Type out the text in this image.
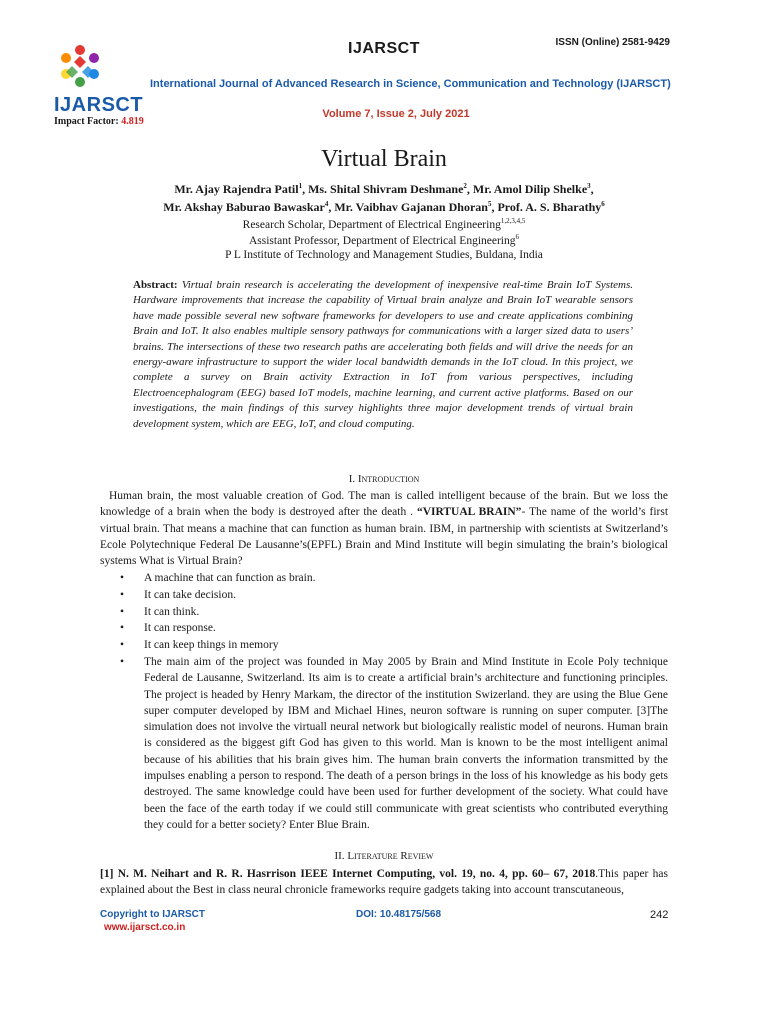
IJARSCT
Impact Factor: 4.819
IJARSCT	ISSN (Online) 2581-9429
International Journal of Advanced Research in Science, Communication and Technology (IJARSCT)
Volume 7, Issue 2, July 2021
Virtual Brain
Mr. Ajay Rajendra Patil$^1$, Ms. Shital Shivram Deshmane$^2$, Mr. Amol Dilip Shelke$^3$,
Mr. Akshay Baburao Bawaskar$^4$, Mr. Vaibhav Gajanan Dhoran$^5$, Prof. A. S. Bharathy$^6$
Research Scholar, Department of Electrical Engineering$^{1,2,3,4,5}$
Assistant Professor, Department of Electrical Engineering$^6$
P L Institute of Technology and Management Studies, Buldana, India
Abstract: Virtual brain research is accelerating the development of inexpensive real-time Brain IoT Systems. Hardware improvements that increase the capability of Virtual brain analyze and Brain IoT wearable sensors have made possible several new software frameworks for developers to use and create applications combining Brain and IoT. It also enables multiple sensory pathways for communications with a larger sized data to users’ brains. The intersections of these two research paths are accelerating both fields and will drive the needs for an energy-aware infrastructure to support the wider local bandwidth demands in the IoT cloud. In this project, we complete a survey on Brain activity Extraction in IoT from various perspectives, including Electroencephalogram (EEG) based IoT models, machine learning, and current active platforms. Based on our investigations, the main findings of this survey highlights three major development trends of virtual brain development system, which are EEG, IoT, and cloud computing.
I. Introduction
Human brain, the most valuable creation of God. The man is called intelligent because of the brain. But we loss the knowledge of a brain when the body is destroyed after the death . “VIRTUAL BRAIN”- The name of the world’s first virtual brain. That means a machine that can function as human brain. IBM, in partnership with scientists at Switzerland’s Ecole Polytechnique Federal De Lausanne’s(EPFL) Brain and Mind Institute will begin simulating the brain’s biological systems What is Virtual Brain?
• A machine that can function as brain.
• It can take decision.
• It can think.
• It can response.
• It can keep things in memory
• The main aim of the project was founded in May 2005 by Brain and Mind Institute in Ecole Poly technique Federal de Lausanne, Switzerland. Its aim is to create a artificial brain’s architecture and functioning principles. The project is headed by Henry Markam, the director of the institution Swizerland. they are using the Blue Gene super computer developed by IBM and Michael Hines, neuron software is running on super computer. [3]The simulation does not involve the virtuall neural network but biologically realistic model of neurons. Human brain is considered as the biggest gift God has given to this world. Man is known to be the most intelligent animal because of his abilities that his brain gives him. The human brain converts the information transmitted by the impulses enabling a person to respond. The death of a person brings in the loss of his knowledge as his body gets destroyed. The same knowledge could have been used for further development of the society. What could have been the face of the earth today if we could still communicate with great scientists who contributed everything they could for a better society? Enter Blue Brain.
II. Literature Review
[1] N. M. Neihart and R. R. Hasrrison IEEE Internet Computing, vol. 19, no. 4, pp. 60– 67, 2018.This paper has explained about the Best in class neural chronicle frameworks require gadgets taking into account transcutaneous,
Copyright to IJARSCT
www.ijarsct.co.in
DOI: 10.48175/568	242
